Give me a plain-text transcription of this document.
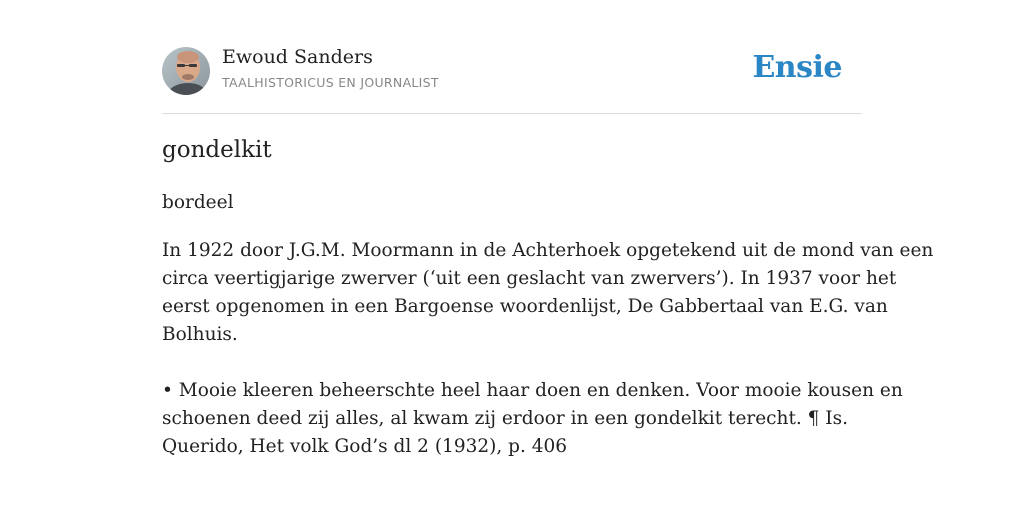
Ewoud Sanders
TAALHISTORICUS EN JOURNALIST	Ensie
gondelkit
bordeel

In 1922 door J.G.M. Moormann in de Achterhoek opgetekend uit de mond van een
circa veertigjarige zwerver (‘uit een geslacht van zwervers’). In 1937 voor het
eerst opgenomen in een Bargoense woordenlijst, De Gabbertaal van E.G. van
Bolhuis.

• Mooie kleeren beheerschte heel haar doen en denken. Voor mooie kousen en
schoenen deed zij alles, al kwam zij erdoor in een gondelkit terecht. ¶ Is.
Querido, Het volk God’s dl 2 (1932), p. 406
